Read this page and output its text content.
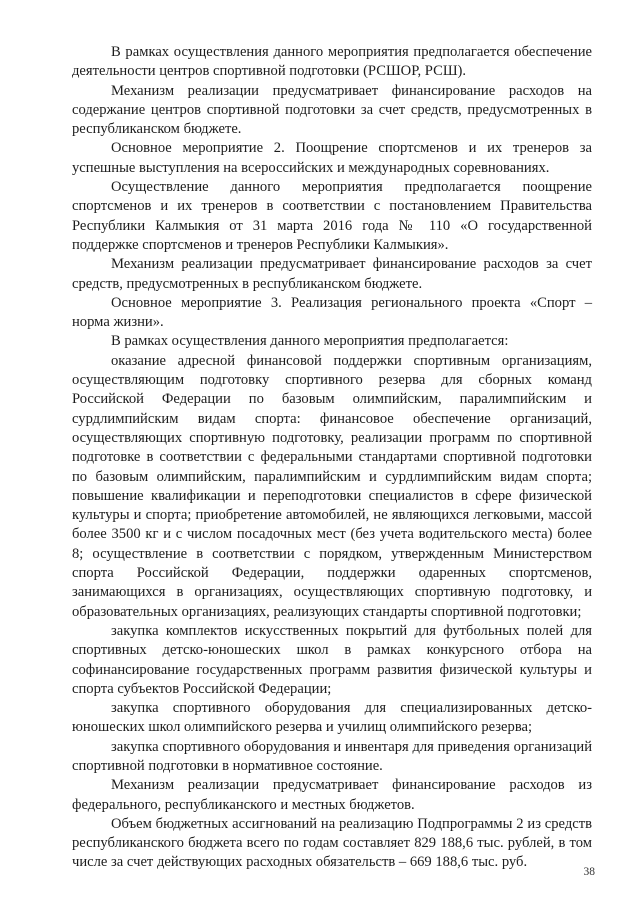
В рамках осуществления данного мероприятия предполагается обеспечение деятельности центров спортивной подготовки (РСШОР, РСШ).

Механизм реализации предусматривает финансирование расходов на содержание центров спортивной подготовки за счет средств, предусмотренных в республиканском бюджете.

Основное мероприятие 2. Поощрение спортсменов и их тренеров за успешные выступления на всероссийских и международных соревнованиях.

Осуществление данного мероприятия предполагается поощрение спортсменов и их тренеров в соответствии с постановлением Правительства Республики Калмыкия от 31 марта 2016 года № 110 «О государственной поддержке спортсменов и тренеров Республики Калмыкия».

Механизм реализации предусматривает финансирование расходов за счет средств, предусмотренных в республиканском бюджете.

Основное мероприятие 3. Реализация регионального проекта «Спорт – норма жизни».

В рамках осуществления данного мероприятия предполагается:

оказание адресной финансовой поддержки спортивным организациям, осуществляющим подготовку спортивного резерва для сборных команд Российской Федерации по базовым олимпийским, паралимпийским и сурдлимпийским видам спорта: финансовое обеспечение организаций, осуществляющих спортивную подготовку, реализации программ по спортивной подготовке в соответствии с федеральными стандартами спортивной подготовки по базовым олимпийским, паралимпийским и сурдлимпийским видам спорта; повышение квалификации и переподготовки специалистов в сфере физической культуры и спорта; приобретение автомобилей, не являющихся легковыми, массой более 3500 кг и с числом посадочных мест (без учета водительского места) более 8; осуществление в соответствии с порядком, утвержденным Министерством спорта Российской Федерации, поддержки одаренных спортсменов, занимающихся в организациях, осуществляющих спортивную подготовку, и образовательных организациях, реализующих стандарты спортивной подготовки;

закупка комплектов искусственных покрытий для футбольных полей для спортивных детско-юношеских школ в рамках конкурсного отбора на софинансирование государственных программ развития физической культуры и спорта субъектов Российской Федерации;

закупка спортивного оборудования для специализированных детско-юношеских школ олимпийского резерва и училищ олимпийского резерва;

закупка спортивного оборудования и инвентаря для приведения организаций спортивной подготовки в нормативное состояние.

Механизм реализации предусматривает финансирование расходов из федерального, республиканского и местных бюджетов.

Объем бюджетных ассигнований на реализацию Подпрограммы 2 из средств республиканского бюджета всего по годам составляет 829 188,6 тыс. рублей, в том числе за счет действующих расходных обязательств – 669 188,6 тыс. руб.

38
